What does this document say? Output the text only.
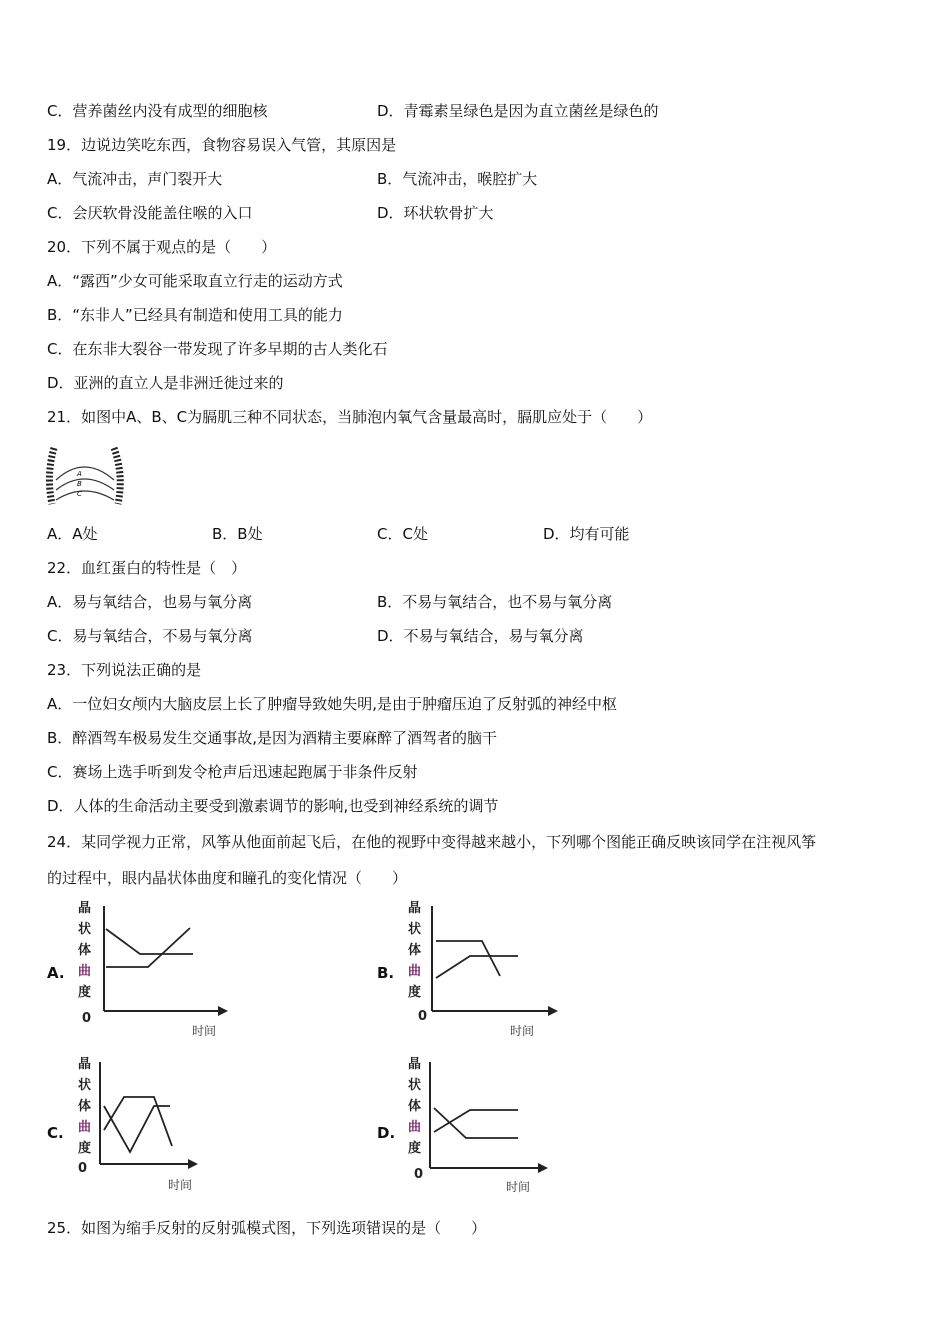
C．营养菌丝内没有成型的细胞核	D．青霉素呈绿色是因为直立菌丝是绿色的
19．边说边笑吃东西，食物容易误入气管，其原因是
A．气流冲击，声门裂开大	B．气流冲击，喉腔扩大
C．会厌软骨没能盖住喉的入口	D．环状软骨扩大
20．下列不属于观点的是（　　）
A．“露西”少女可能采取直立行走的运动方式
B．“东非人”已经具有制造和使用工具的能力
C．在东非大裂谷一带发现了许多早期的古人类化石
D．亚洲的直立人是非洲迁徙过来的
21．如图中A、B、C为膈肌三种不同状态，当肺泡内氧气含量最高时，膈肌应处于（　　）
A
B
C
A．A处	B．B处	C．C处	D．均有可能
22．血红蛋白的特性是（　）
A．易与氧结合，也易与氧分离	B．不易与氧结合，也不易与氧分离
C．易与氧结合，不易与氧分离	D．不易与氧结合，易与氧分离
23．下列说法正确的是
A．一位妇女颅内大脑皮层上长了肿瘤导致她失明,是由于肿瘤压迫了反射弧的神经中枢
B．醉酒驾车极易发生交通事故,是因为酒精主要麻醉了酒驾者的脑干
C．赛场上选手听到发令枪声后迅速起跑属于非条件反射
D．人体的生命活动主要受到激素调节的影响,也受到神经系统的调节
24．某同学视力正常，风筝从他面前起飞后，在他的视野中变得越来越小，下列哪个图能正确反映该同学在注视风筝
的过程中，眼内晶状体曲度和瞳孔的变化情况（　　）
A.
晶
状
体
曲
度
0
时间
B.
晶
状
体
曲
度
0
时间
C.
晶
状
体
曲
度
0
时间
D.
晶
状
体
曲
度
0
时间
25．如图为缩手反射的反射弧模式图，下列选项错误的是（　　）
